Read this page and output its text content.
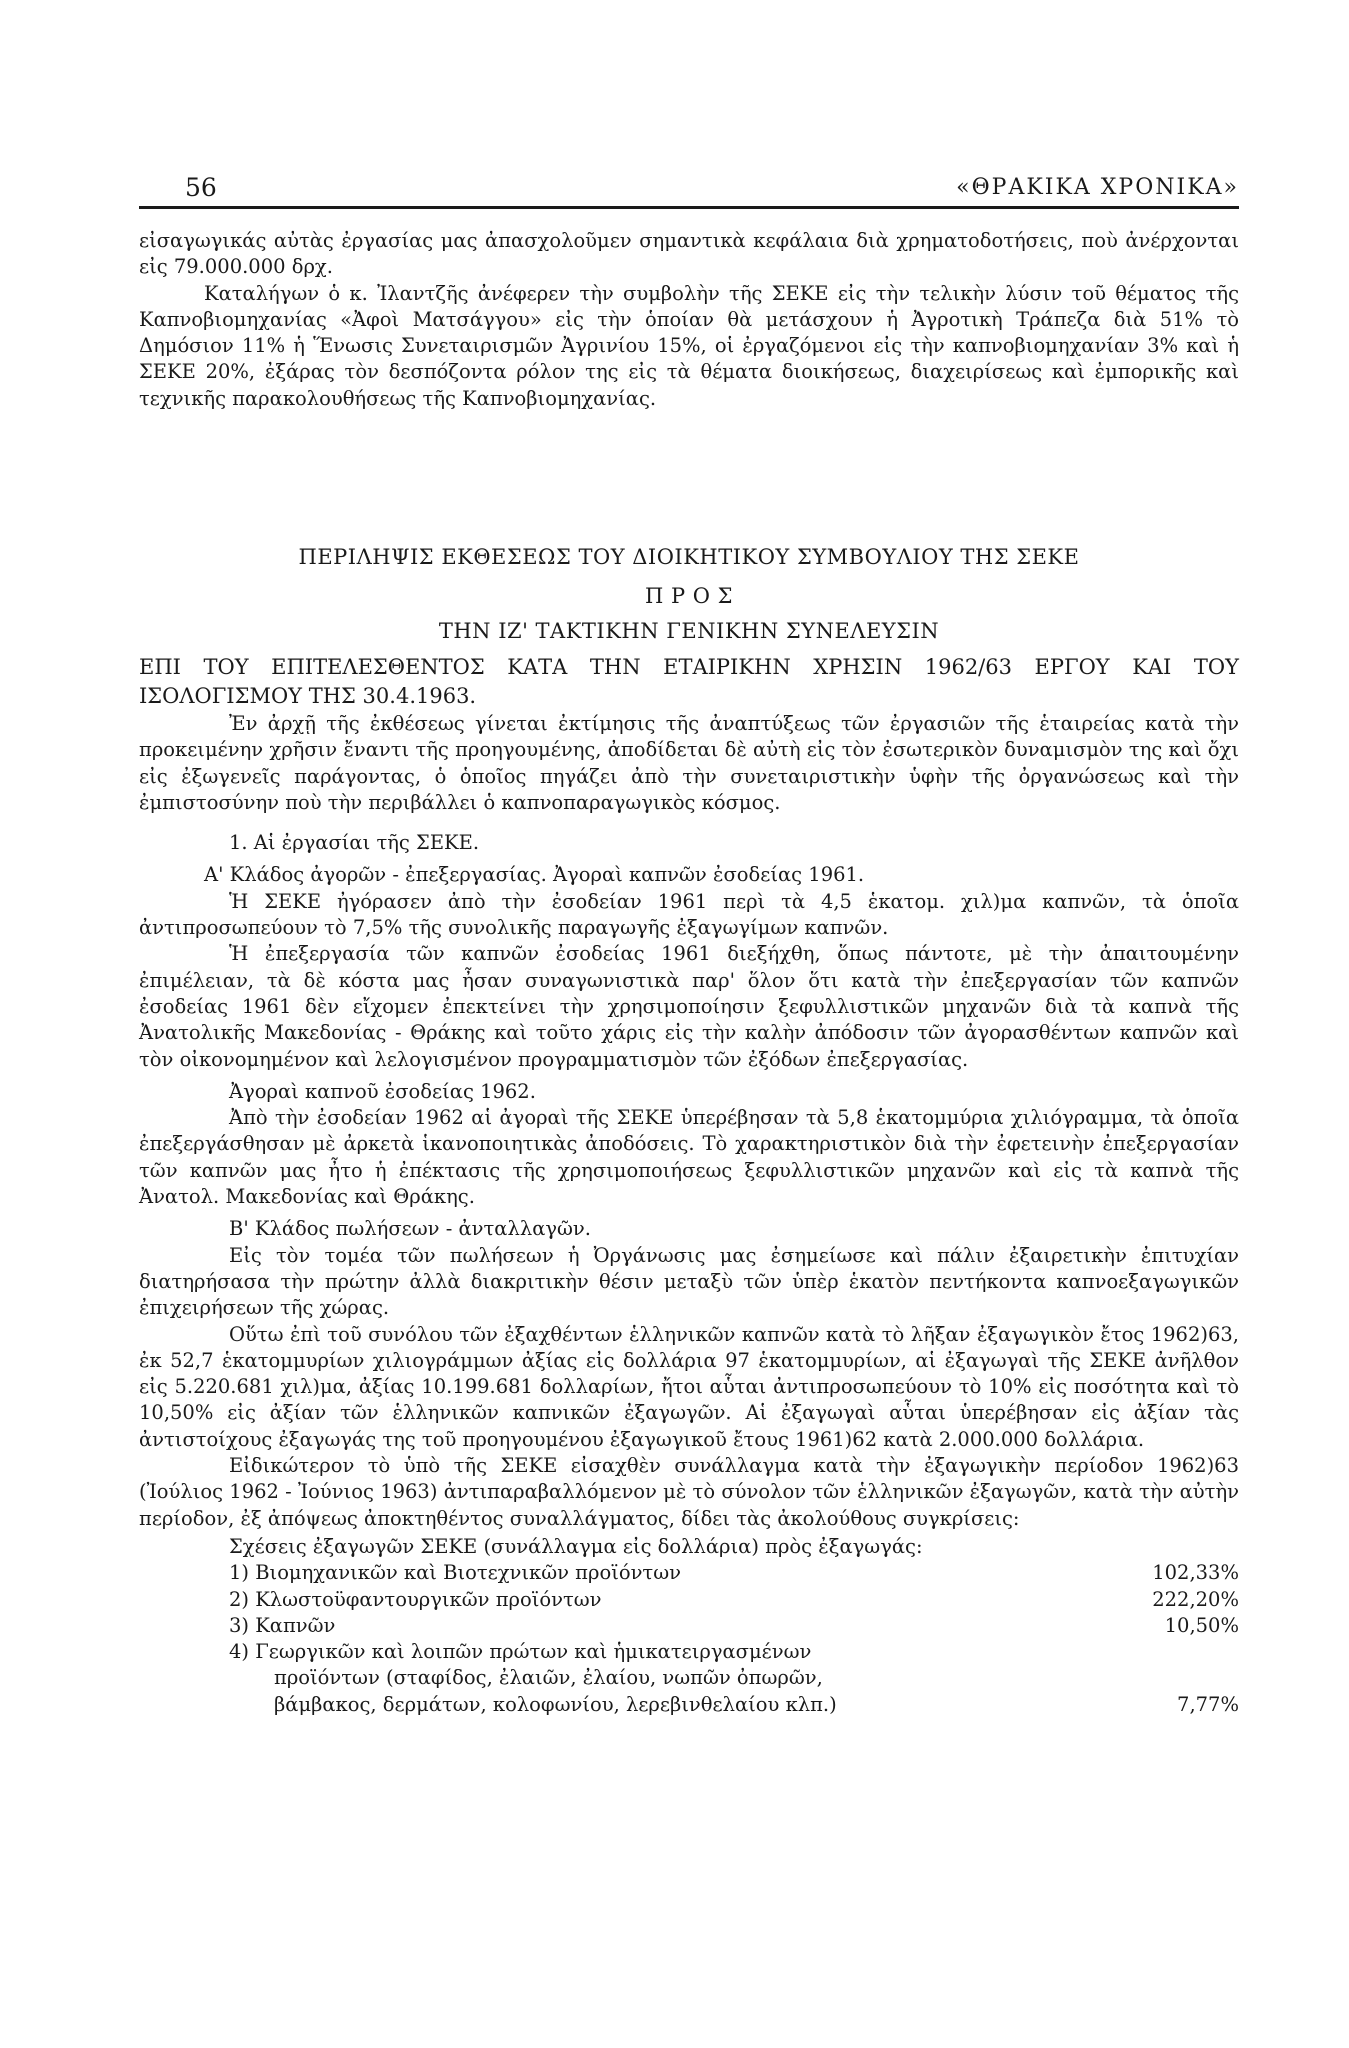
56	«ΘΡΑΚΙΚΑ ΧΡΟΝΙΚΑ»

εἰσαγωγικάς αὐτὰς ἐργασίας μας ἀπασχολοῦμεν σημαντικὰ κεφάλαια διὰ χρηματοδοτήσεις, ποὺ ἀνέρχονται εἰς 79.000.000 δρχ.

Καταλήγων ὁ κ. Ἰλαντζῆς ἀνέφερεν τὴν συμβολὴν τῆς ΣΕΚΕ εἰς τὴν τελικὴν λύσιν τοῦ θέματος τῆς Καπνοβιομηχανίας «Ἀφοὶ Ματσάγγου» εἰς τὴν ὁποίαν θὰ μετάσχουν ἡ Ἀγροτικὴ Τράπεζα διὰ 51% τὸ Δημόσιον 11% ἡ Ἕνωσις Συνεταιρισμῶν Ἀγρινίου 15%, οἱ ἐργαζόμενοι εἰς τὴν καπνοβιομηχανίαν 3% καὶ ἡ ΣΕΚΕ 20%, ἐξάρας τὸν δεσπόζοντα ρόλον της εἰς τὰ θέματα διοικήσεως, διαχειρίσεως καὶ ἐμπορικῆς καὶ τεχνικῆς παρακολουθήσεως τῆς Καπνοβιομηχανίας.

ΠΕΡΙΛΗΨΙΣ ΕΚΘΕΣΕΩΣ ΤΟΥ ΔΙΟΙΚΗΤΙΚΟΥ ΣΥΜΒΟΥΛΙΟΥ ΤΗΣ ΣΕΚΕ
Π Ρ Ο Σ
ΤΗΝ ΙΖ' ΤΑΚΤΙΚΗΝ ΓΕΝΙΚΗΝ ΣΥΝΕΛΕΥΣΙΝ
ΕΠΙ ΤΟΥ ΕΠΙΤΕΛΕΣΘΕΝΤΟΣ ΚΑΤΑ ΤΗΝ ΕΤΑΙΡΙΚΗΝ ΧΡΗΣΙΝ 1962/63 ΕΡΓΟΥ ΚΑΙ ΤΟΥ ΙΣΟΛΟΓΙΣΜΟΥ ΤΗΣ 30.4.1963.

Ἐν ἀρχῇ τῆς ἐκθέσεως γίνεται ἐκτίμησις τῆς ἀναπτύξεως τῶν ἐργασιῶν τῆς ἑταιρείας κατὰ τὴν προκειμένην χρῆσιν ἔναντι τῆς προηγουμένης, ἀποδίδεται δὲ αὐτὴ εἰς τὸν ἐσωτερικὸν δυναμισμὸν της καὶ ὄχι εἰς ἐξωγενεῖς παράγοντας, ὁ ὁποῖος πηγάζει ἀπὸ τὴν συνεταιριστικὴν ὑφὴν τῆς ὀργανώσεως καὶ τὴν ἐμπιστοσύνην ποὺ τὴν περιβάλλει ὁ καπνοπαραγωγικὸς κόσμος.

1. Αἱ ἐργασίαι τῆς ΣΕΚΕ.

Α' Κλάδος ἀγορῶν - ἐπεξεργασίας. Ἀγοραὶ καπνῶν ἐσοδείας 1961.

Ἡ ΣΕΚΕ ἠγόρασεν ἀπὸ τὴν ἐσοδείαν 1961 περὶ τὰ 4,5 ἑκατομ. χιλ)μα καπνῶν, τὰ ὁποῖα ἀντιπροσωπεύουν τὸ 7,5% τῆς συνολικῆς παραγωγῆς ἐξαγωγίμων καπνῶν.

Ἡ ἐπεξεργασία τῶν καπνῶν ἐσοδείας 1961 διεξήχθη, ὅπως πάντοτε, μὲ τὴν ἀπαιτουμένην ἐπιμέλειαν, τὰ δὲ κόστα μας ἦσαν συναγωνιστικὰ παρ' ὅλον ὅτι κατὰ τὴν ἐπεξεργασίαν τῶν καπνῶν ἐσοδείας 1961 δὲν εἴχομεν ἐπεκτείνει τὴν χρησιμοποίησιν ξεφυλλιστικῶν μηχανῶν διὰ τὰ καπνὰ τῆς Ἀνατολικῆς Μακεδονίας - Θράκης καὶ τοῦτο χάρις εἰς τὴν καλὴν ἀπόδοσιν τῶν ἀγορασθέντων καπνῶν καὶ τὸν οἰκονομημένον καὶ λελογισμένον προγραμματισμὸν τῶν ἐξόδων ἐπεξεργασίας.

Ἀγοραὶ καπνοῦ ἐσοδείας 1962.

Ἀπὸ τὴν ἐσοδείαν 1962 αἱ ἀγοραὶ τῆς ΣΕΚΕ ὑπερέβησαν τὰ 5,8 ἑκατομμύρια χιλιόγραμμα, τὰ ὁποῖα ἐπεξεργάσθησαν μὲ ἀρκετὰ ἱκανοποιητικὰς ἀποδόσεις. Τὸ χαρακτηριστικὸν διὰ τὴν ἐφετεινὴν ἐπεξεργασίαν τῶν καπνῶν μας ἦτο ἡ ἐπέκτασις τῆς χρησιμοποιήσεως ξεφυλλιστικῶν μηχανῶν καὶ εἰς τὰ καπνὰ τῆς Ἀνατολ. Μακεδονίας καὶ Θράκης.

Β' Κλάδος πωλήσεων - ἀνταλλαγῶν.

Εἰς τὸν τομέα τῶν πωλήσεων ἡ Ὀργάνωσις μας ἐσημείωσε καὶ πάλιν ἐξαιρετικὴν ἐπιτυχίαν διατηρήσασα τὴν πρώτην ἀλλὰ διακριτικὴν θέσιν μεταξὺ τῶν ὑπὲρ ἑκατὸν πεντήκοντα καπνοεξαγωγικῶν ἐπιχειρήσεων τῆς χώρας.

Οὕτω ἐπὶ τοῦ συνόλου τῶν ἐξαχθέντων ἑλληνικῶν καπνῶν κατὰ τὸ λῆξαν ἐξαγωγικὸν ἔτος 1962)63, ἐκ 52,7 ἑκατομμυρίων χιλιογράμμων ἀξίας εἰς δολλάρια 97 ἑκατομμυρίων, αἱ ἐξαγωγαὶ τῆς ΣΕΚΕ ἀνῆλθον εἰς 5.220.681 χιλ)μα, ἀξίας 10.199.681 δολλαρίων, ἤτοι αὗται ἀντιπροσωπεύουν τὸ 10% εἰς ποσότητα καὶ τὸ 10,50% εἰς ἀξίαν τῶν ἑλληνικῶν καπνικῶν ἐξαγωγῶν. Αἱ ἐξαγωγαὶ αὗται ὑπερέβησαν εἰς ἀξίαν τὰς ἀντιστοίχους ἐξαγωγάς της τοῦ προηγουμένου ἐξαγωγικοῦ ἔτους 1961)62 κατὰ 2.000.000 δολλάρια.

Εἰδικώτερον τὸ ὑπὸ τῆς ΣΕΚΕ εἰσαχθὲν συνάλλαγμα κατὰ τὴν ἐξαγωγικὴν περίοδον 1962)63 (Ἰούλιος 1962 - Ἰούνιος 1963) ἀντιπαραβαλλόμενον μὲ τὸ σύνολον τῶν ἑλληνικῶν ἐξαγωγῶν, κατὰ τὴν αὐτὴν περίοδον, ἐξ ἀπόψεως ἀποκτηθέντος συναλλάγματος, δίδει τὰς ἀκολούθους συγκρίσεις:

Σχέσεις ἐξαγωγῶν ΣΕΚΕ (συνάλλαγμα εἰς δολλάρια) πρὸς ἐξαγωγάς:

1) Βιομηχανικῶν καὶ Βιοτεχνικῶν προϊόντων	102,33%
2) Κλωστοϋφαντουργικῶν προϊόντων	222,20%
3) Καπνῶν	10,50%
4) Γεωργικῶν καὶ λοιπῶν πρώτων καὶ ἡμικατειργασμένων
προϊόντων (σταφίδος, ἐλαιῶν, ἐλαίου, νωπῶν ὀπωρῶν,
βάμβακος, δερμάτων, κολοφωνίου, λερεβινθελαίου κλπ.)	7,77%
